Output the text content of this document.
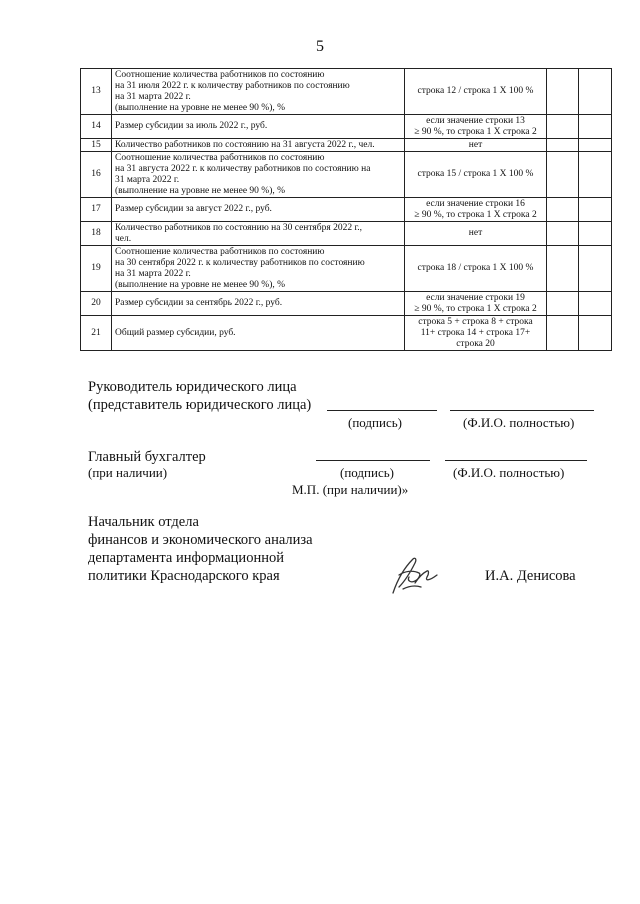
5
13	Соотношение количества работников по состоянию
на 31 июля 2022 г. к количеству работников по состоянию
на 31 марта 2022 г.
(выполнение на уровне не менее 90 %), %	строка 12 / строка 1 Х 100 %		

14	Размер субсидии за июль 2022 г., руб.	если значение строки 13
≥ 90 %, то строка 1 Х строка 2		

15	Количество работников по состоянию на 31 августа 2022 г., чел.	нет		

16	Соотношение количества работников по состоянию
на 31 августа 2022 г. к количеству работников по состоянию на
31 марта 2022 г.
(выполнение на уровне не менее 90 %), %	строка 15 / строка 1 Х 100 %		

17	Размер субсидии за август 2022 г., руб.	если значение строки 16
≥ 90 %, то строка 1 Х строка 2		

18	Количество работников по состоянию на 30 сентября 2022 г.,
чел.	нет		

19	Соотношение количества работников по состоянию
на 30 сентября 2022 г. к количеству работников по состоянию
на 31 марта 2022 г.
(выполнение на уровне не менее 90 %), %	строка 18 / строка 1 Х 100 %		

20	Размер субсидии за сентябрь 2022 г., руб.	если значение строки 19
≥ 90 %, то строка 1 Х строка 2		

21	Общий размер субсидии, руб.	строка 5 + строка 8 + строка
11+ строка 14 + строка 17+
строка 20		

Руководитель юридического лица
(представитель юридического лица)
(подпись)	(Ф.И.О. полностью)
Главный бухгалтер
(при наличии)	(подпись)	(Ф.И.О. полностью)
М.П. (при наличии)»
Начальник отдела
финансов и экономического анализа
департамента информационной
политики Краснодарского края	И.А. Денисова
